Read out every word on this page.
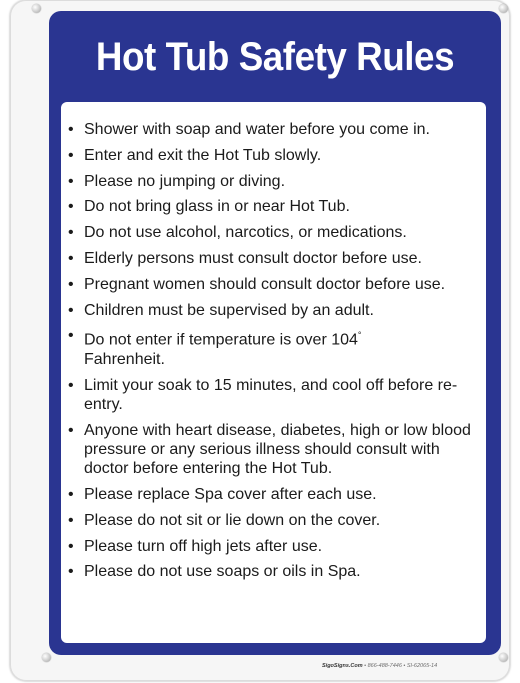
Hot Tub Safety Rules
• Shower with soap and water before you come in.
• Enter and exit the Hot Tub slowly.
• Please no jumping or diving.
• Do not bring glass in or near Hot Tub.
• Do not use alcohol, narcotics, or medications.
• Elderly persons must consult doctor before use.
• Pregnant women should consult doctor before use.
• Children must be supervised by an adult.
• Do not enter if temperature is over 104°
Fahrenheit.
• Limit your soak to 15 minutes, and cool off before re-entry.
• Anyone with heart disease, diabetes, high or low blood pressure or any serious illness should consult with doctor before entering the Hot Tub.
• Please replace Spa cover after each use.
• Please do not sit or lie down on the cover.
• Please turn off high jets after use.
• Please do not use soaps or oils in Spa.
SigoSigns.Com • 866-488-7446 • SI-62065-14
